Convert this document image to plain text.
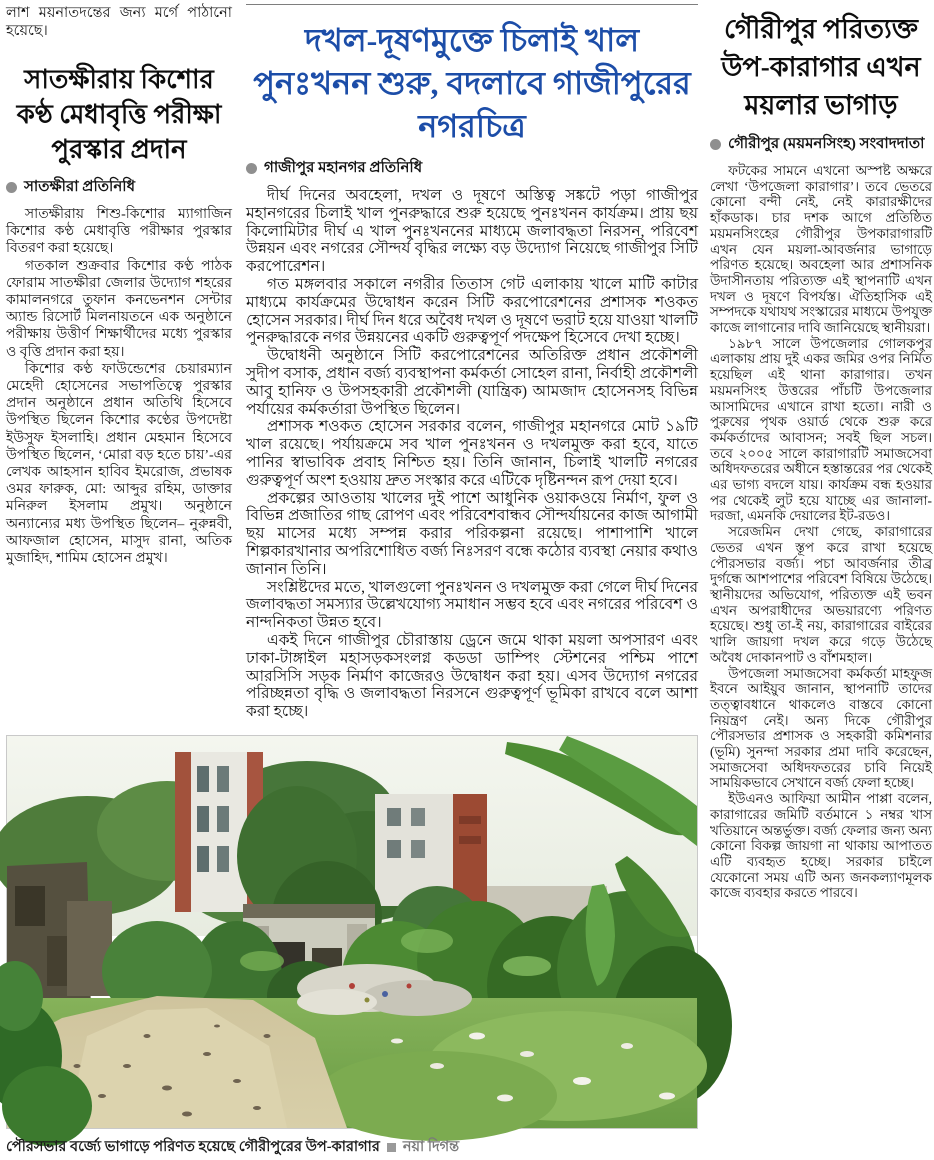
লাশ ময়নাতদন্তের জন্য মর্গে পাঠানো হয়েছে।

সাতক্ষীরায় কিশোর কণ্ঠ মেধাবৃত্তি পরীক্ষা পুরস্কার প্রদান
সাতক্ষীরা প্রতিনিধি

সাতক্ষীরায় শিশু-কিশোর ম্যাগাজিন কিশোর কণ্ঠ মেধাবৃত্তি পরীক্ষার পুরস্কার বিতরণ করা হয়েছে।

গতকাল শুক্রবার কিশোর কণ্ঠ পাঠক ফোরাম সাতক্ষীরা জেলার উদ্যোগ শহরের কামালনগরে তুফান কনভেনশন সেন্টার অ্যান্ড রিসোর্ট মিলনায়তনে এক অনুষ্ঠানে পরীক্ষায় উত্তীর্ণ শিক্ষার্থীদের মধ্যে পুরস্কার ও বৃত্তি প্রদান করা হয়।

কিশোর কণ্ঠ ফাউন্ডেশের চেয়ারম্যান মেহেদী হোসেনের সভাপতিত্বে পুরস্কার প্রদান অনুষ্ঠানে প্রধান অতিথি হিসেবে উপস্থিত ছিলেন কিশোর কণ্ঠের উপদেষ্টা ইউসুফ ইসলাহি। প্রধান মেহমান হিসেবে উপস্থিত ছিলেন, ‘মোরা বড় হতে চায়’-এর লেখক আহসান হাবিব ইমরোজ, প্রভাষক ওমর ফারুক, মো: আব্দুর রহিম, ডাক্তার মনিরুল ইসলাম প্রমুখ। অনুষ্ঠানে অন্যান্যের মধ্য উপস্থিত ছিলেন– নুরুন্নবী, আফজাল হোসেন, মাসুদ রানা, অতিক মুজাহিদ, শামিম হোসেন প্রমুখ।

দখল-দূষণমুক্তে চিলাই খাল পুনঃখনন শুরু, বদলাবে গাজীপুরের নগরচিত্র
গাজীপুর মহানগর প্রতিনিধি

দীর্ঘ দিনের অবহেলা, দখল ও দূষণে অস্তিত্ব সঙ্কটে পড়া গাজীপুর মহানগরের চিলাই খাল পুনরুদ্ধারে শুরু হয়েছে পুনঃখনন কার্যক্রম। প্রায় ছয় কিলোমিটার দীর্ঘ এ খাল পুনঃখননের মাধ্যমে জলাবদ্ধতা নিরসন, পরিবেশ উন্নয়ন এবং নগরের সৌন্দর্য বৃদ্ধির লক্ষ্যে বড় উদ্যোগ নিয়েছে গাজীপুর সিটি করপোরেশন।

গত মঙ্গলবার সকালে নগরীর তিতাস গেট এলাকায় খালে মাটি কাটার মাধ্যমে কার্যক্রমের উদ্বোধন করেন সিটি করপোরেশনের প্রশাসক শওকত হোসেন সরকার। দীর্ঘ দিন ধরে অবৈধ দখল ও দূষণে ভরাট হয়ে যাওয়া খালটি পুনরুদ্ধারকে নগর উন্নয়নের একটি গুরুত্বপূর্ণ পদক্ষেপ হিসেবে দেখা হচ্ছে।

উদ্বোধনী অনুষ্ঠানে সিটি করপোরেশনের অতিরিক্ত প্রধান প্রকৌশলী সুদীপ বসাক, প্রধান বর্জ্য ব্যবস্থাপনা কর্মকর্তা সোহেল রানা, নির্বাহী প্রকৌশলী আবু হানিফ ও উপসহকারী প্রকৌশলী (যান্ত্রিক) আমজাদ হোসেনসহ বিভিন্ন পর্যায়ের কর্মকর্তারা উপস্থিত ছিলেন।

প্রশাসক শওকত হোসেন সরকার বলেন, গাজীপুর মহানগরে মোট ১৯টি খাল রয়েছে। পর্যায়ক্রমে সব খাল পুনঃখনন ও দখলমুক্ত করা হবে, যাতে পানির স্বাভাবিক প্রবাহ নিশ্চিত হয়। তিনি জানান, চিলাই খালটি নগরের গুরুত্বপূর্ণ অংশ হওয়ায় দ্রুত সংস্কার করে এটিকে দৃষ্টিনন্দন রূপ দেয়া হবে।

প্রকল্পের আওতায় খালের দুই পাশে আধুনিক ওয়াকওয়ে নির্মাণ, ফুল ও বিভিন্ন প্রজাতির গাছ রোপণ এবং পরিবেশবান্ধব সৌন্দর্যায়নের কাজ আগামী ছয় মাসের মধ্যে সম্পন্ন করার পরিকল্পনা রয়েছে। পাশাপাশি খালে শিল্পকারখানার অপরিশোধিত বর্জ্য নিঃসরণ বন্ধে কঠোর ব্যবস্থা নেয়ার কথাও জানান তিনি।

সংশ্লিষ্টদের মতে, খালগুলো পুনঃখনন ও দখলমুক্ত করা গেলে দীর্ঘ দিনের জলাবদ্ধতা সমস্যার উল্লেখযোগ্য সমাধান সম্ভব হবে এবং নগরের পরিবেশ ও নান্দনিকতা উন্নত হবে।

একই দিনে গাজীপুর চৌরাস্তায় ড্রেনে জমে থাকা ময়লা অপসারণ এবং ঢাকা-টাঙ্গাইল মহাসড়কসংলগ্ন কডডা ডাম্পিং স্টেশনের পশ্চিম পাশে আরসিসি সড়ক নির্মাণ কাজেরও উদ্বোধন করা হয়। এসব উদ্যোগ নগরের পরিচ্ছন্নতা বৃদ্ধি ও জলাবদ্ধতা নিরসনে গুরুত্বপূর্ণ ভূমিকা রাখবে বলে আশা করা হচ্ছে।

পৌরসভার বর্জ্যে ভাগাড়ে পরিণত হয়েছে গৌরীপুরের উপ-কারাগার নয়া দিগন্ত
গৌরীপুর পরিত্যক্ত উপ-কারাগার এখন ময়লার ভাগাড়
গৌরীপুর (ময়মনসিংহ) সংবাদদাতা

ফটকের সামনে এখনো অস্পষ্ট অক্ষরে লেখা ‘উপজেলা কারাগার’। তবে ভেতরে কোনো বন্দী নেই, নেই কারারক্ষীদের হাঁকডাক। চার দশক আগে প্রতিষ্ঠিত ময়মনসিংহের গৌরীপুর উপকারাগারটি এখন যেন ময়লা-আবর্জনার ভাগাড়ে পরিণত হয়েছে। অবহেলা আর প্রশাসনিক উদাসীনতায় পরিত্যক্ত এই স্থাপনাটি এখন দখল ও দূষণে বিপর্যস্ত। ঐতিহাসিক এই সম্পদকে যথাযথ সংস্কারের মাধ্যমে উপযুক্ত কাজে লাগানোর দাবি জানিয়েছে স্থানীয়রা।

১৯৮৭ সালে উপজেলার গোলকপুর এলাকায় প্রায় দুই একর জমির ওপর নির্মিত হয়েছিল এই থানা কারাগার। তখন ময়মনসিংহ উত্তরের পাঁচটি উপজেলার আসামিদের এখানে রাখা হতো। নারী ও পুরুষের পৃথক ওয়ার্ড থেকে শুরু করে কর্মকর্তাদের আবাসন; সবই ছিল সচল। তবে ২০০৫ সালে কারাগারটি সমাজসেবা অধিদফতরের অধীনে হস্তান্তরের পর থেকেই এর ভাগ্য বদলে যায়। কার্যক্রম বন্ধ হওয়ার পর থেকেই লুট হয়ে যাচ্ছে এর জানালা-দরজা, এমনকি দেয়ালের ইট-রডও।

সরেজমিন দেখা গেছে, কারাগারের ভেতর এখন স্তূপ করে রাখা হয়েছে পৌরসভার বর্জ্য। পচা আবর্জনার তীব্র দুর্গন্ধে আশপাশের পরিবেশ বিষিয়ে উঠেছে। স্থানীয়দের অভিযোগ, পরিত্যক্ত এই ভবন এখন অপরাধীদের অভয়ারণ্যে পরিণত হয়েছে। শুধু তা-ই নয়, কারাগারের বাইরের খালি জায়গা দখল করে গড়ে উঠেছে অবৈধ দোকানপাট ও বাঁশমহাল।

উপজেলা সমাজসেবা কর্মকর্তা মাহফুজ ইবনে আইয়ুব জানান, স্থাপনাটি তাদের তত্ত্বাবধানে থাকলেও বাস্তবে কোনো নিয়ন্ত্রণ নেই। অন্য দিকে গৌরীপুর পৌরসভার প্রশাসক ও সহকারী কমিশনার (ভূমি) সুনন্দা সরকার প্রমা দাবি করেছেন, সমাজসেবা অধিদফতরের চাবি নিয়েই সাময়িকভাবে সেখানে বর্জ্য ফেলা হচ্ছে।

ইউএনও আফিয়া আমীন পাপ্পা বলেন, কারাগারের জমিটি বর্তমানে ১ নম্বর খাস খতিয়ানে অন্তর্ভুক্ত। বর্জ্য ফেলার জন্য অন্য কোনো বিকল্প জায়গা না থাকায় আপাতত এটি ব্যবহৃত হচ্ছে। সরকার চাইলে যেকোনো সময় এটি অন্য জনকল্যাণমূলক কাজে ব্যবহার করতে পারবে।
